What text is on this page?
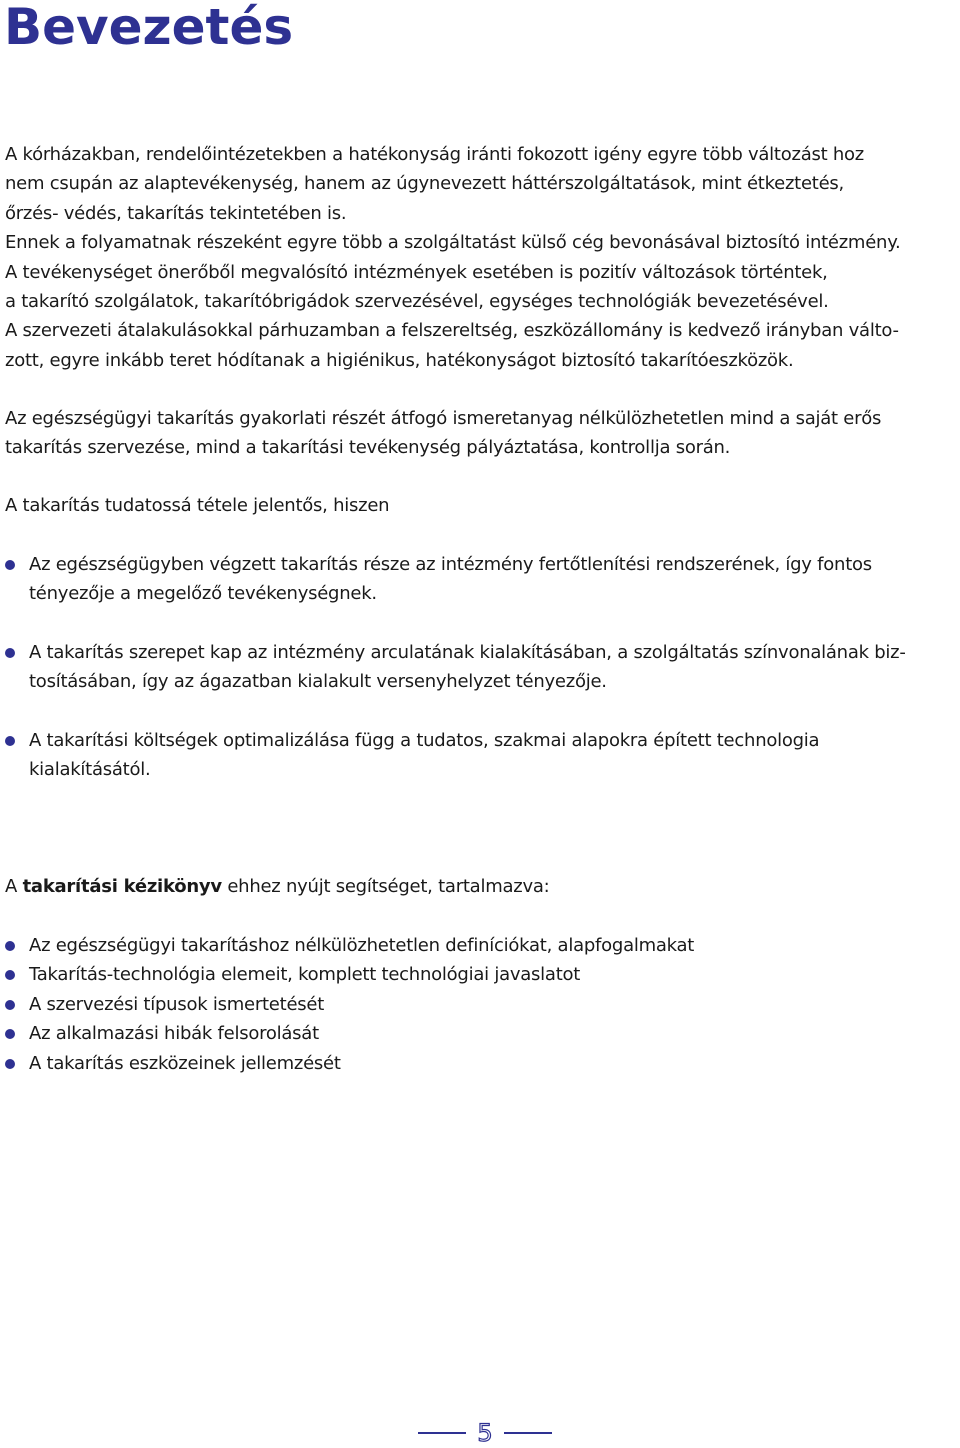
Bevezetés
A kórházakban, rendelőintézetekben a hatékonyság iránti fokozott igény egyre több változást hoz
nem csupán az alaptevékenység, hanem az úgynevezett háttérszolgáltatások, mint étkeztetés,
őrzés- védés, takarítás tekintetében is.
Ennek a folyamatnak részeként egyre több a szolgáltatást külső cég bevonásával biztosító intézmény.
A tevékenységet önerőből megvalósító intézmények esetében is pozitív változások történtek,
a takarító szolgálatok, takarítóbrigádok szervezésével, egységes technológiák bevezetésével.
A szervezeti átalakulásokkal párhuzamban a felszereltség, eszközállomány is kedvező irányban válto-
zott, egyre inkább teret hódítanak a higiénikus, hatékonyságot biztosító takarítóeszközök.
Az egészségügyi takarítás gyakorlati részét átfogó ismeretanyag nélkülözhetetlen mind a saját erős
takarítás szervezése, mind a takarítási tevékenység pályáztatása, kontrollja során.
A takarítás tudatossá tétele jelentős, hiszen
Az egészségügyben végzett takarítás része az intézmény fertőtlenítési rendszerének, így fontos
tényezője a megelőző tevékenységnek.
A takarítás szerepet kap az intézmény arculatának kialakításában, a szolgáltatás színvonalának biz-
tosításában, így az ágazatban kialakult versenyhelyzet tényezője.
A takarítási költségek optimalizálása függ a tudatos, szakmai alapokra épített technologia
kialakításától.
A takarítási kézikönyv ehhez nyújt segítséget, tartalmazva:
Az egészségügyi takarításhoz nélkülözhetetlen definíciókat, alapfogalmakat
Takarítás-technológia elemeit, komplett technológiai javaslatot
A szervezési típusok ismertetését
Az alkalmazási hibák felsorolását
A takarítás eszközeinek jellemzését
5
